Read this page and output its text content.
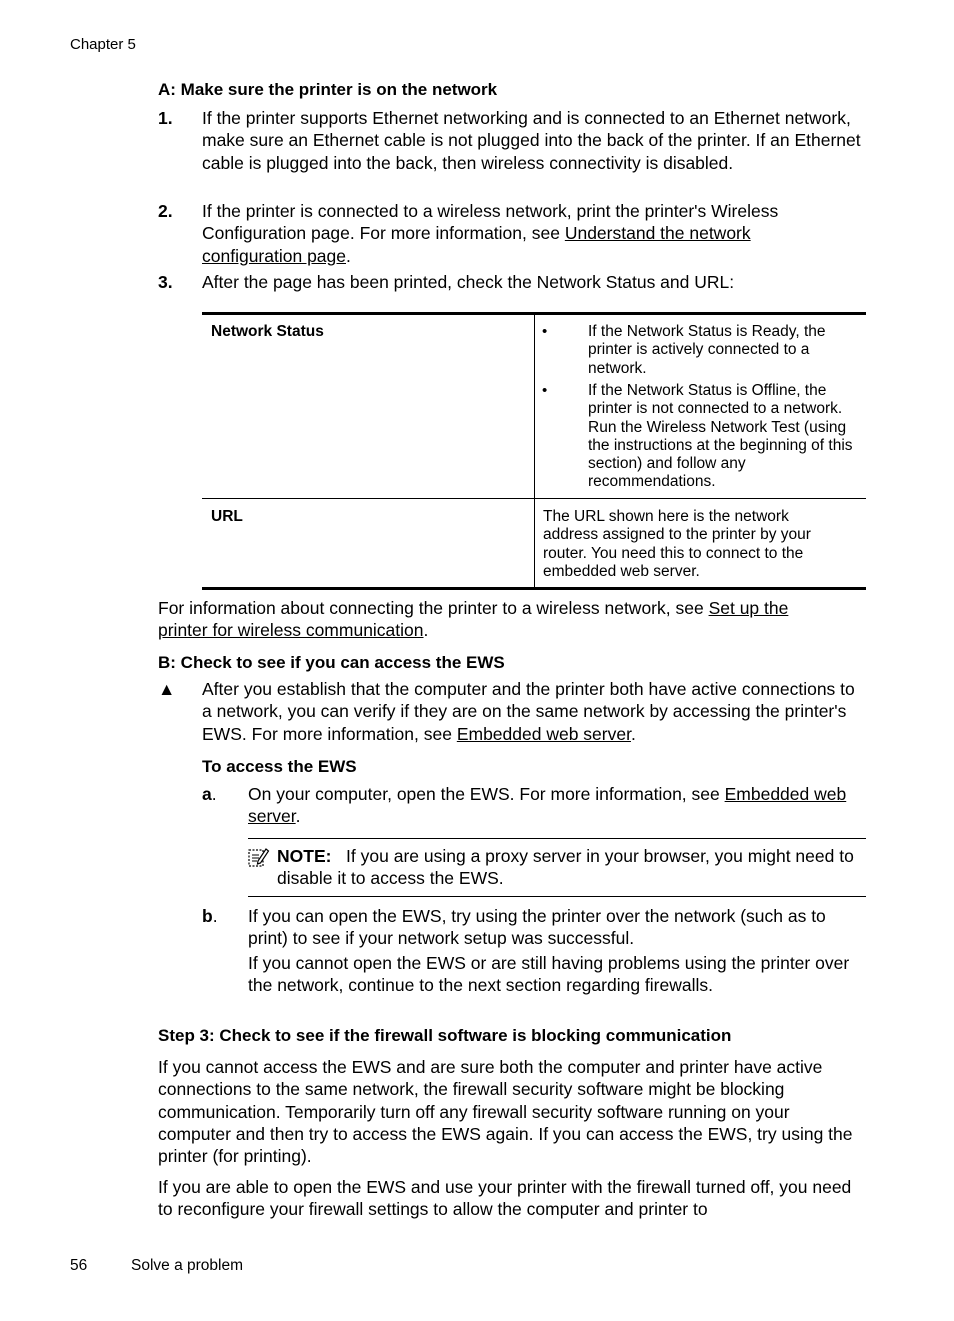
Chapter 5
A: Make sure the printer is on the network
1. If the printer supports Ethernet networking and is connected to an Ethernet network, make sure an Ethernet cable is not plugged into the back of the printer. If an Ethernet cable is plugged into the back, then wireless connectivity is disabled.
2. If the printer is connected to a wireless network, print the printer's Wireless Configuration page. For more information, see Understand the network configuration page.
3. After the page has been printed, check the Network Status and URL:
Network Status	•	If the Network Status is Ready, the printer is actively connected to a network.
•	If the Network Status is Offline, the printer is not connected to a network. Run the Wireless Network Test (using the instructions at the beginning of this section) and follow any recommendations.
URL	The URL shown here is the network address assigned to the printer by your router. You need this to connect to the embedded web server.
For information about connecting the printer to a wireless network, see Set up the printer for wireless communication.
B: Check to see if you can access the EWS
▲ After you establish that the computer and the printer both have active connections to a network, you can verify if they are on the same network by accessing the printer's EWS. For more information, see Embedded web server.
To access the EWS
a. On your computer, open the EWS. For more information, see Embedded web server.
NOTE: If you are using a proxy server in your browser, you might need to disable it to access the EWS.
b. If you can open the EWS, try using the printer over the network (such as to print) to see if your network setup was successful.
If you cannot open the EWS or are still having problems using the printer over the network, continue to the next section regarding firewalls.
Step 3: Check to see if the firewall software is blocking communication
If you cannot access the EWS and are sure both the computer and printer have active connections to the same network, the firewall security software might be blocking communication. Temporarily turn off any firewall security software running on your computer and then try to access the EWS again. If you can access the EWS, try using the printer (for printing).
If you are able to open the EWS and use your printer with the firewall turned off, you need to reconfigure your firewall settings to allow the computer and printer to
56	Solve a problem
